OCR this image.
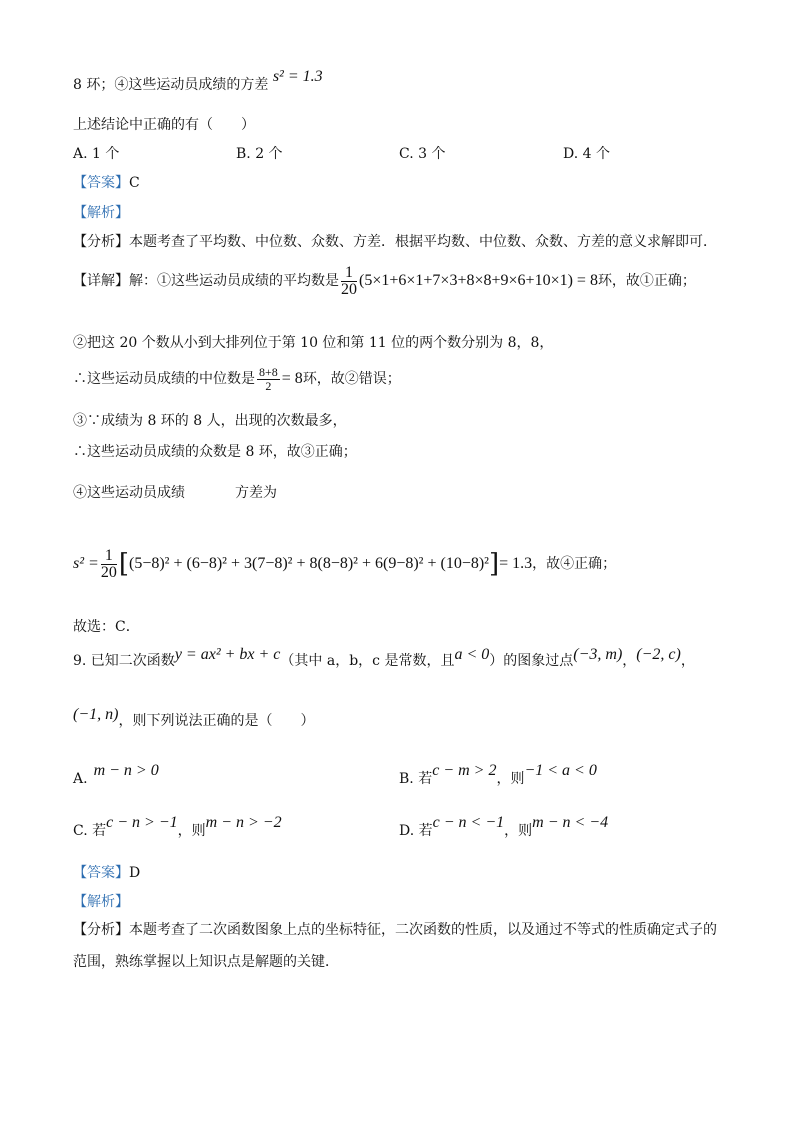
8 环；④这些运动员成绩的方差 s² = 1.3
上述结论中正确的有（　　）
A. 1 个	B. 2 个	C. 3 个	D. 4 个
【答案】C
【解析】
【分析】本题考查了平均数、中位数、众数、方差．根据平均数、中位数、众数、方差的意义求解即可．
【详解】解：①这些运动员成绩的平均数是 $\frac{1}{20} (5\times 1+6\times 1+7\times 3+8\times 8+9\times 6+10\times 1) = 8$环，故①正确；
②把这 20 个数从小到大排列位于第 10 位和第 11 位的两个数分别为 8，8，
∴这些运动员成绩的中位数是 $\frac{8+8}{2} = 8$环，故②错误；
③∵成绩为 8 环的 8 人，出现的次数最多，
∴这些运动员成绩的众数是 8 环，故③正确；
④这些运动员成绩	方差为
$s^2 = \frac{1}{20} [(5-8)^2 + (6-8)^2 + 3(7-8)^2 + 8(8-8)^2 + 6(9-8)^2 + (10-8)^2]= 1.3$，故④正确；
故选：C．
9. 已知二次函数y = ax² + bx + c（其中 a，b，c 是常数，且a < 0）的图象过点(−3, m)，(−2, c)，
(−1, n)，则下列说法正确的是（　　）
A. m − n > 0	B. 若c − m > 2，则−1 < a < 0
C. 若c − n > −1，则m − n > −2	D. 若c − n < −1，则m − n < −4
【答案】D
【解析】
【分析】本题考查了二次函数图象上点的坐标特征，二次函数的性质，以及通过不等式的性质确定式子的
范围，熟练掌握以上知识点是解题的关键．
